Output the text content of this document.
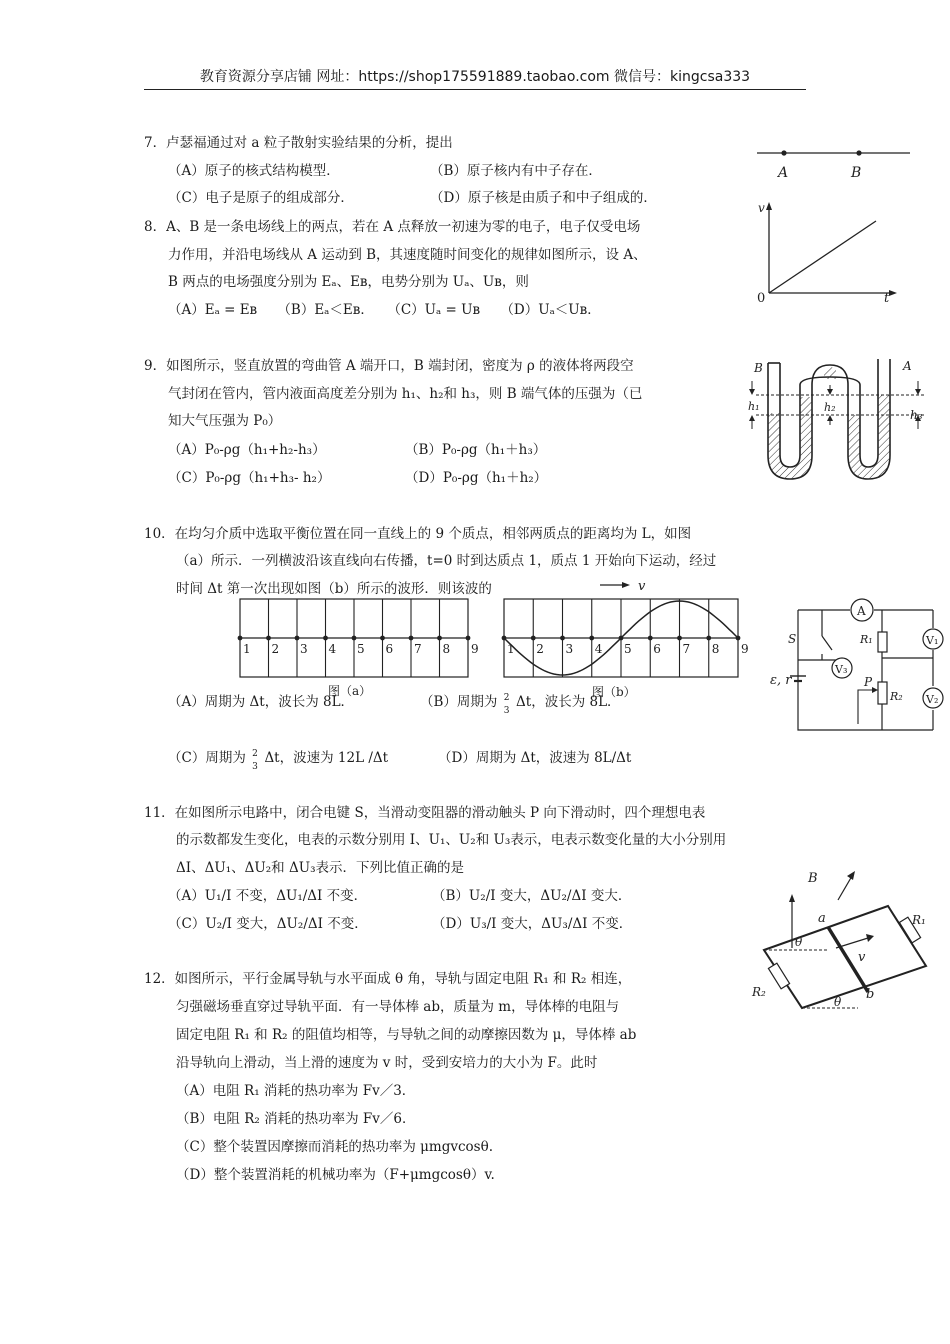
教育资源分享店铺 网址：https://shop175591889.taobao.com 微信号：kingcsa333
7．卢瑟福通过对 a 粒子散射实验结果的分析，提出
（A）原子的核式结构模型．	（B）原子核内有中子存在．
（C）电子是原子的组成部分．	（D）原子核是由质子和中子组成的．
8．A、B 是一条电场线上的两点，若在 A 点释放一初速为零的电子，电子仅受电场
力作用，并沿电场线从 A 运动到 B，其速度随时间变化的规律如图所示，设 A、
B 两点的电场强度分别为 Eₐ、Eʙ，电势分别为 Uₐ、Uʙ，则
（A）Eₐ = Eʙ　　（B）Eₐ＜Eʙ．　　（C）Uₐ = Uʙ　　（D）Uₐ＜Uʙ．
A	B
v
t
0
9．如图所示，竖直放置的弯曲管 A 端开口，B 端封闭，密度为 ρ 的液体将两段空
气封闭在管内，管内液面高度差分别为 h₁、h₂和 h₃，则 B 端气体的压强为（已
知大气压强为 P₀）
（A）P₀-ρg（h₁+h₂-h₃）	（B）P₀-ρg（h₁＋h₃）
（C）P₀-ρg（h₁+h₃- h₂）	（D）P₀-ρg（h₁＋h₂）
B	A
h₁	h₂
h₃
10．在均匀介质中选取平衡位置在同一直线上的 9 个质点，相邻两质点的距离均为 L，如图
（a）所示．一列横波沿该直线向右传播，t=0 时到达质点 1，质点 1 开始向下运动，经过
时间 Δt 第一次出现如图（b）所示的波形．则该波的
图（a）
1 2 3 4 5 6 7 8 9
v
图（b）
1 2 3 4 5 6 7 8 9
（A）周期为 Δt，波长为 8L．	（B）周期为 2
3
Δt，波长为 8L．
（C）周期为 2
3
Δt，波速为 12L /Δt	（D）周期为 Δt，波速为 8L/Δt
A
V₁
V₂
P
R₁
R₂
V₃
S
ε, r
11．在如图所示电路中，闭合电键 S，当滑动变阻器的滑动触头 P 向下滑动时，四个理想电表
的示数都发生变化，电表的示数分别用 I、U₁、U₂和 U₃表示，电表示数变化量的大小分别用
ΔI、ΔU₁、ΔU₂和 ΔU₃表示．下列比值正确的是
（A）U₁/I 不变，ΔU₁/ΔI 不变．	（B）U₂/I 变大，ΔU₂/ΔI 变大．
（C）U₂/I 变大，ΔU₂/ΔI 不变．	（D）U₃/I 变大，ΔU₃/ΔI 不变．
B
v
a
b
θ
θ
R₁
R₂
12．如图所示，平行金属导轨与水平面成 θ 角，导轨与固定电阻 R₁ 和 R₂ 相连，
匀强磁场垂直穿过导轨平面．有一导体棒 ab，质量为 m，导体棒的电阻与
固定电阻 R₁ 和 R₂ 的阻值均相等，与导轨之间的动摩擦因数为 μ，导体棒 ab
沿导轨向上滑动，当上滑的速度为 v 时，受到安培力的大小为 F。此时
（A）电阻 R₁ 消耗的热功率为 Fv／3．
（B）电阻 R₂ 消耗的热功率为 Fv／6．
（C）整个装置因摩擦而消耗的热功率为 μmgvcosθ.
（D）整个装置消耗的机械功率为（F+μmgcosθ）v.
